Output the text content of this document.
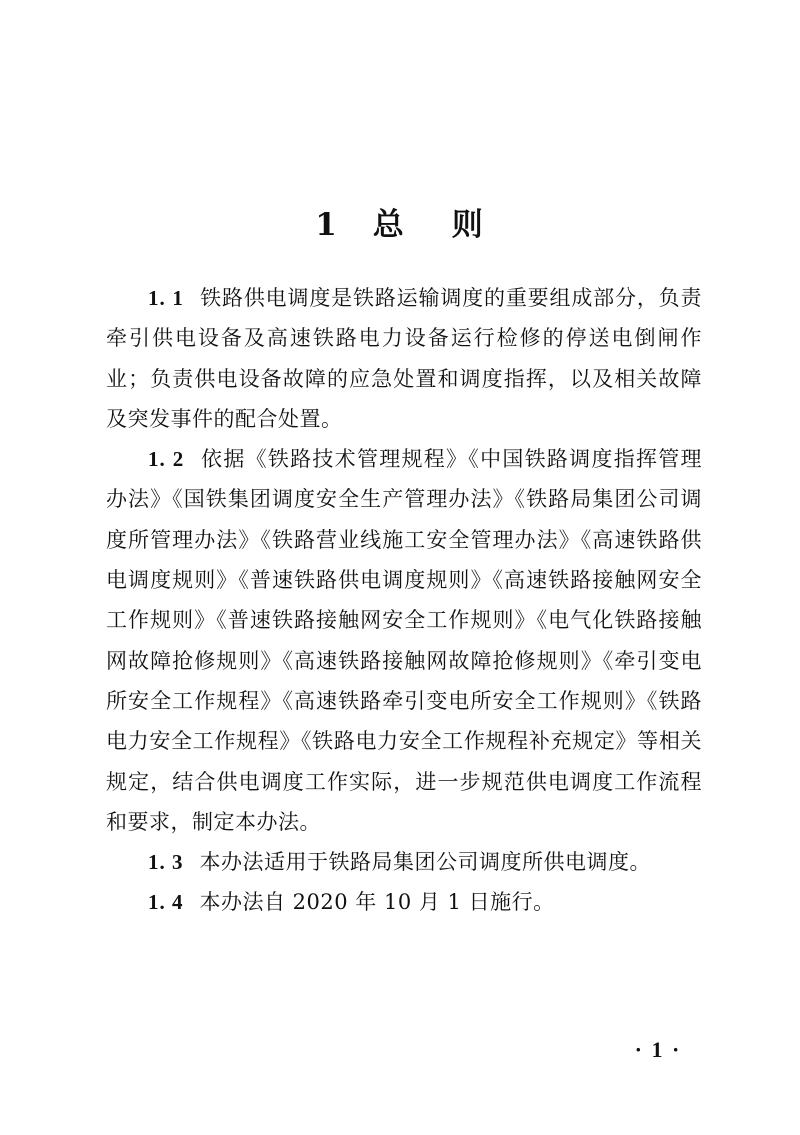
1 总 则

1. 1 铁路供电调度是铁路运输调度的重要组成部分，负责牵引供电设备及高速铁路电力设备运行检修的停送电倒闸作业；负责供电设备故障的应急处置和调度指挥，以及相关故障及突发事件的配合处置。

1. 2 依据《铁路技术管理规程》《中国铁路调度指挥管理办法》《国铁集团调度安全生产管理办法》《铁路局集团公司调度所管理办法》《铁路营业线施工安全管理办法》《高速铁路供电调度规则》《普速铁路供电调度规则》《高速铁路接触网安全工作规则》《普速铁路接触网安全工作规则》《电气化铁路接触网故障抢修规则》《高速铁路接触网故障抢修规则》《牵引变电所安全工作规程》《高速铁路牵引变电所安全工作规则》《铁路电力安全工作规程》《铁路电力安全工作规程补充规定》等相关规定，结合供电调度工作实际，进一步规范供电调度工作流程和要求，制定本办法。

1. 3 本办法适用于铁路局集团公司调度所供电调度。

1. 4 本办法自 2020 年 10 月 1 日施行。

· 1 ·
